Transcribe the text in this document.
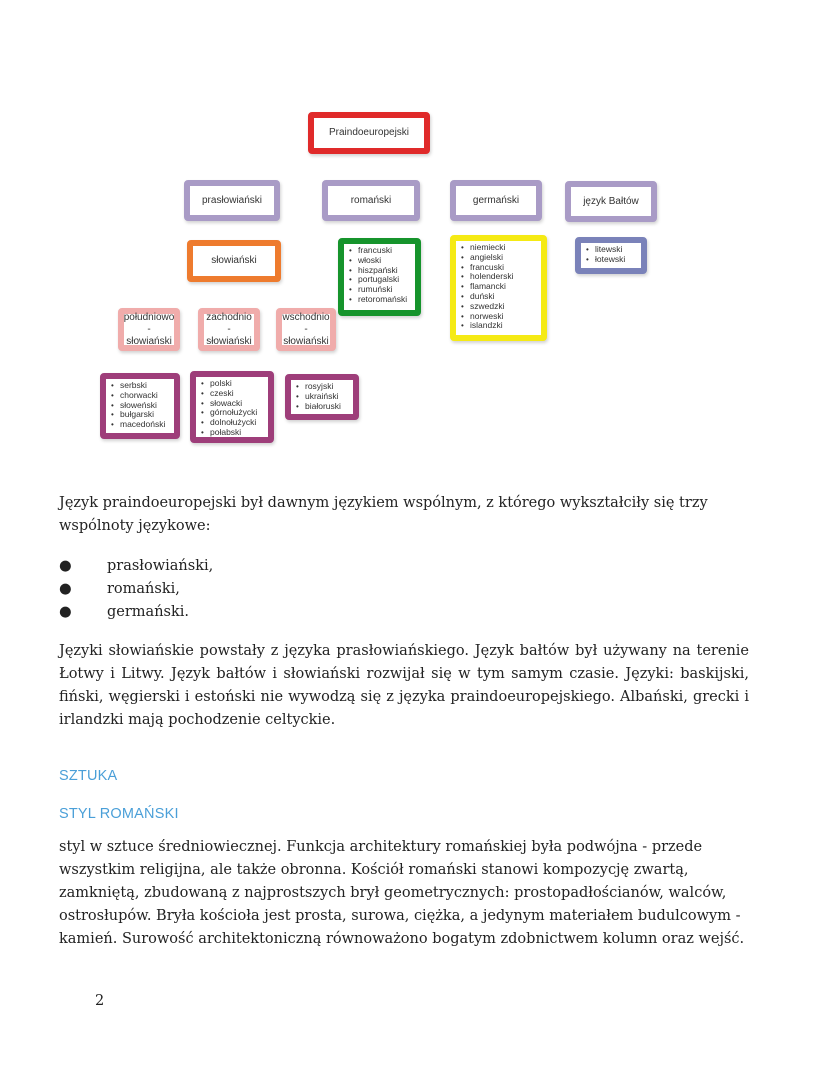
Praindoeuropejski
prasłowiański	romański	germański	język Bałtów
słowiański
• francuski
• włoski
• hiszpański
• portugalski
• rumuński
• retoromański
• niemiecki
• angielski
• francuski
• holenderski
• flamancki
• duński
• szwedzki
• norweski
• islandzki
• litewski
• łotewski
południowo - słowiański
zachodnio - słowiański
wschodnio - słowiański
• serbski
• chorwacki
• słoweński
• bułgarski
• macedoński
• polski
• czeski
• słowacki
• górnołużycki
• dolnołużycki
• połabski
• rosyjski
• ukraiński
• białoruski

Język praindoeuropejski był dawnym językiem wspólnym, z którego wykształciły się trzy wspólnoty językowe:

● prasłowiański,
● romański,
● germański.

Języki słowiańskie powstały z języka prasłowiańskiego. Język bałtów był używany na terenie Łotwy i Litwy. Język bałtów i słowiański rozwijał się w tym samym czasie. Języki: baskijski, fiński, węgierski i estoński nie wywodzą się z języka praindoeuropejskiego. Albański, grecki i irlandzki mają pochodzenie celtyckie.

SZTUKA
STYL ROMAŃSKI

styl w sztuce średniowiecznej. Funkcja architektury romańskiej była podwójna - przede wszystkim religijna, ale także obronna. Kościół romański stanowi kompozycję zwartą, zamkniętą, zbudowaną z najprostszych brył geometrycznych: prostopadłościanów, walców, ostrosłupów. Bryła kościoła jest prosta, surowa, ciężka, a jedynym materiałem budulcowym - kamień. Surowość architektoniczną równoważono bogatym zdobnictwem kolumn oraz wejść.

2
